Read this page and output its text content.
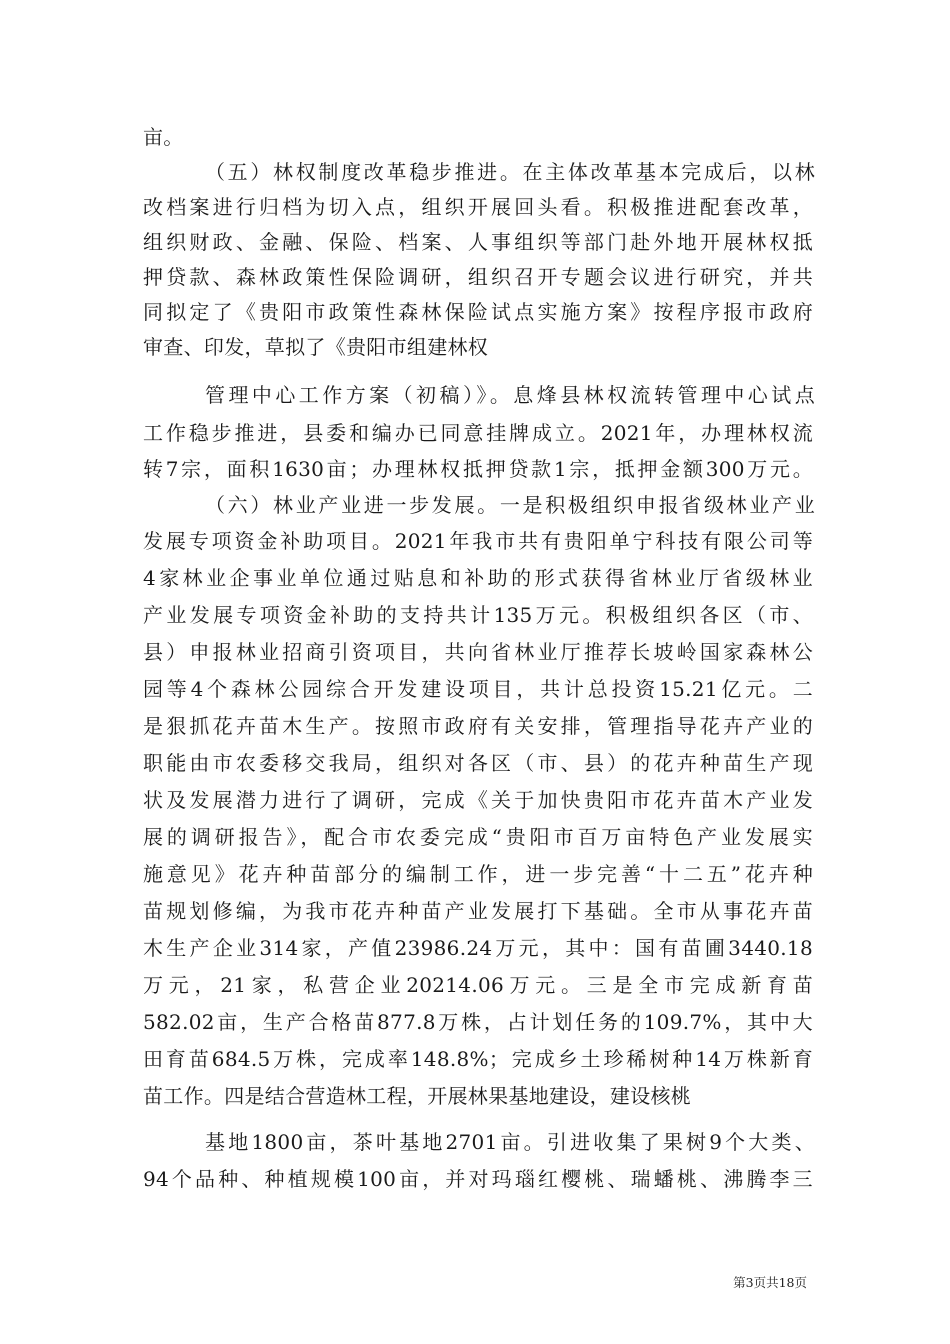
亩。
（五）林权制度改革稳步推进。在主体改革基本完成后，以林
改档案进行归档为切入点，组织开展回头看。积极推进配套改革，
组织财政、金融、保险、档案、人事组织等部门赴外地开展林权抵
押贷款、森林政策性保险调研，组织召开专题会议进行研究，并共
同拟定了《贵阳市政策性森林保险试点实施方案》按程序报市政府
审查、印发，草拟了《贵阳市组建林权
管理中心工作方案（初稿）》。息烽县林权流转管理中心试点
工作稳步推进，县委和编办已同意挂牌成立。2021年，办理林权流
转7宗，面积1630亩；办理林权抵押贷款1宗，抵押金额300万元。
（六）林业产业进一步发展。一是积极组织申报省级林业产业
发展专项资金补助项目。2021年我市共有贵阳单宁科技有限公司等
4家林业企事业单位通过贴息和补助的形式获得省林业厅省级林业
产业发展专项资金补助的支持共计135万元。积极组织各区（市、
县）申报林业招商引资项目，共向省林业厅推荐长坡岭国家森林公
园等4个森林公园综合开发建设项目，共计总投资15.21亿元。二
是狠抓花卉苗木生产。按照市政府有关安排，管理指导花卉产业的
职能由市农委移交我局，组织对各区（市、县）的花卉种苗生产现
状及发展潜力进行了调研，完成《关于加快贵阳市花卉苗木产业发
展的调研报告》，配合市农委完成“贵阳市百万亩特色产业发展实
施意见》花卉种苗部分的编制工作，进一步完善“十二五”花卉种
苗规划修编，为我市花卉种苗产业发展打下基础。全市从事花卉苗
木生产企业314家，产值23986.24万元，其中：国有苗圃3440.18
万元，21家，私营企业20214.06万元。三是全市完成新育苗
582.02亩，生产合格苗877.8万株，占计划任务的109.7%，其中大
田育苗684.5万株，完成率148.8%；完成乡土珍稀树种14万株新育
苗工作。四是结合营造林工程，开展林果基地建设，建设核桃
基地1800亩，茶叶基地2701亩。引进收集了果树9个大类、
94个品种、种植规模100亩，并对玛瑙红樱桃、瑞蟠桃、沸腾李三
第3页共18页
